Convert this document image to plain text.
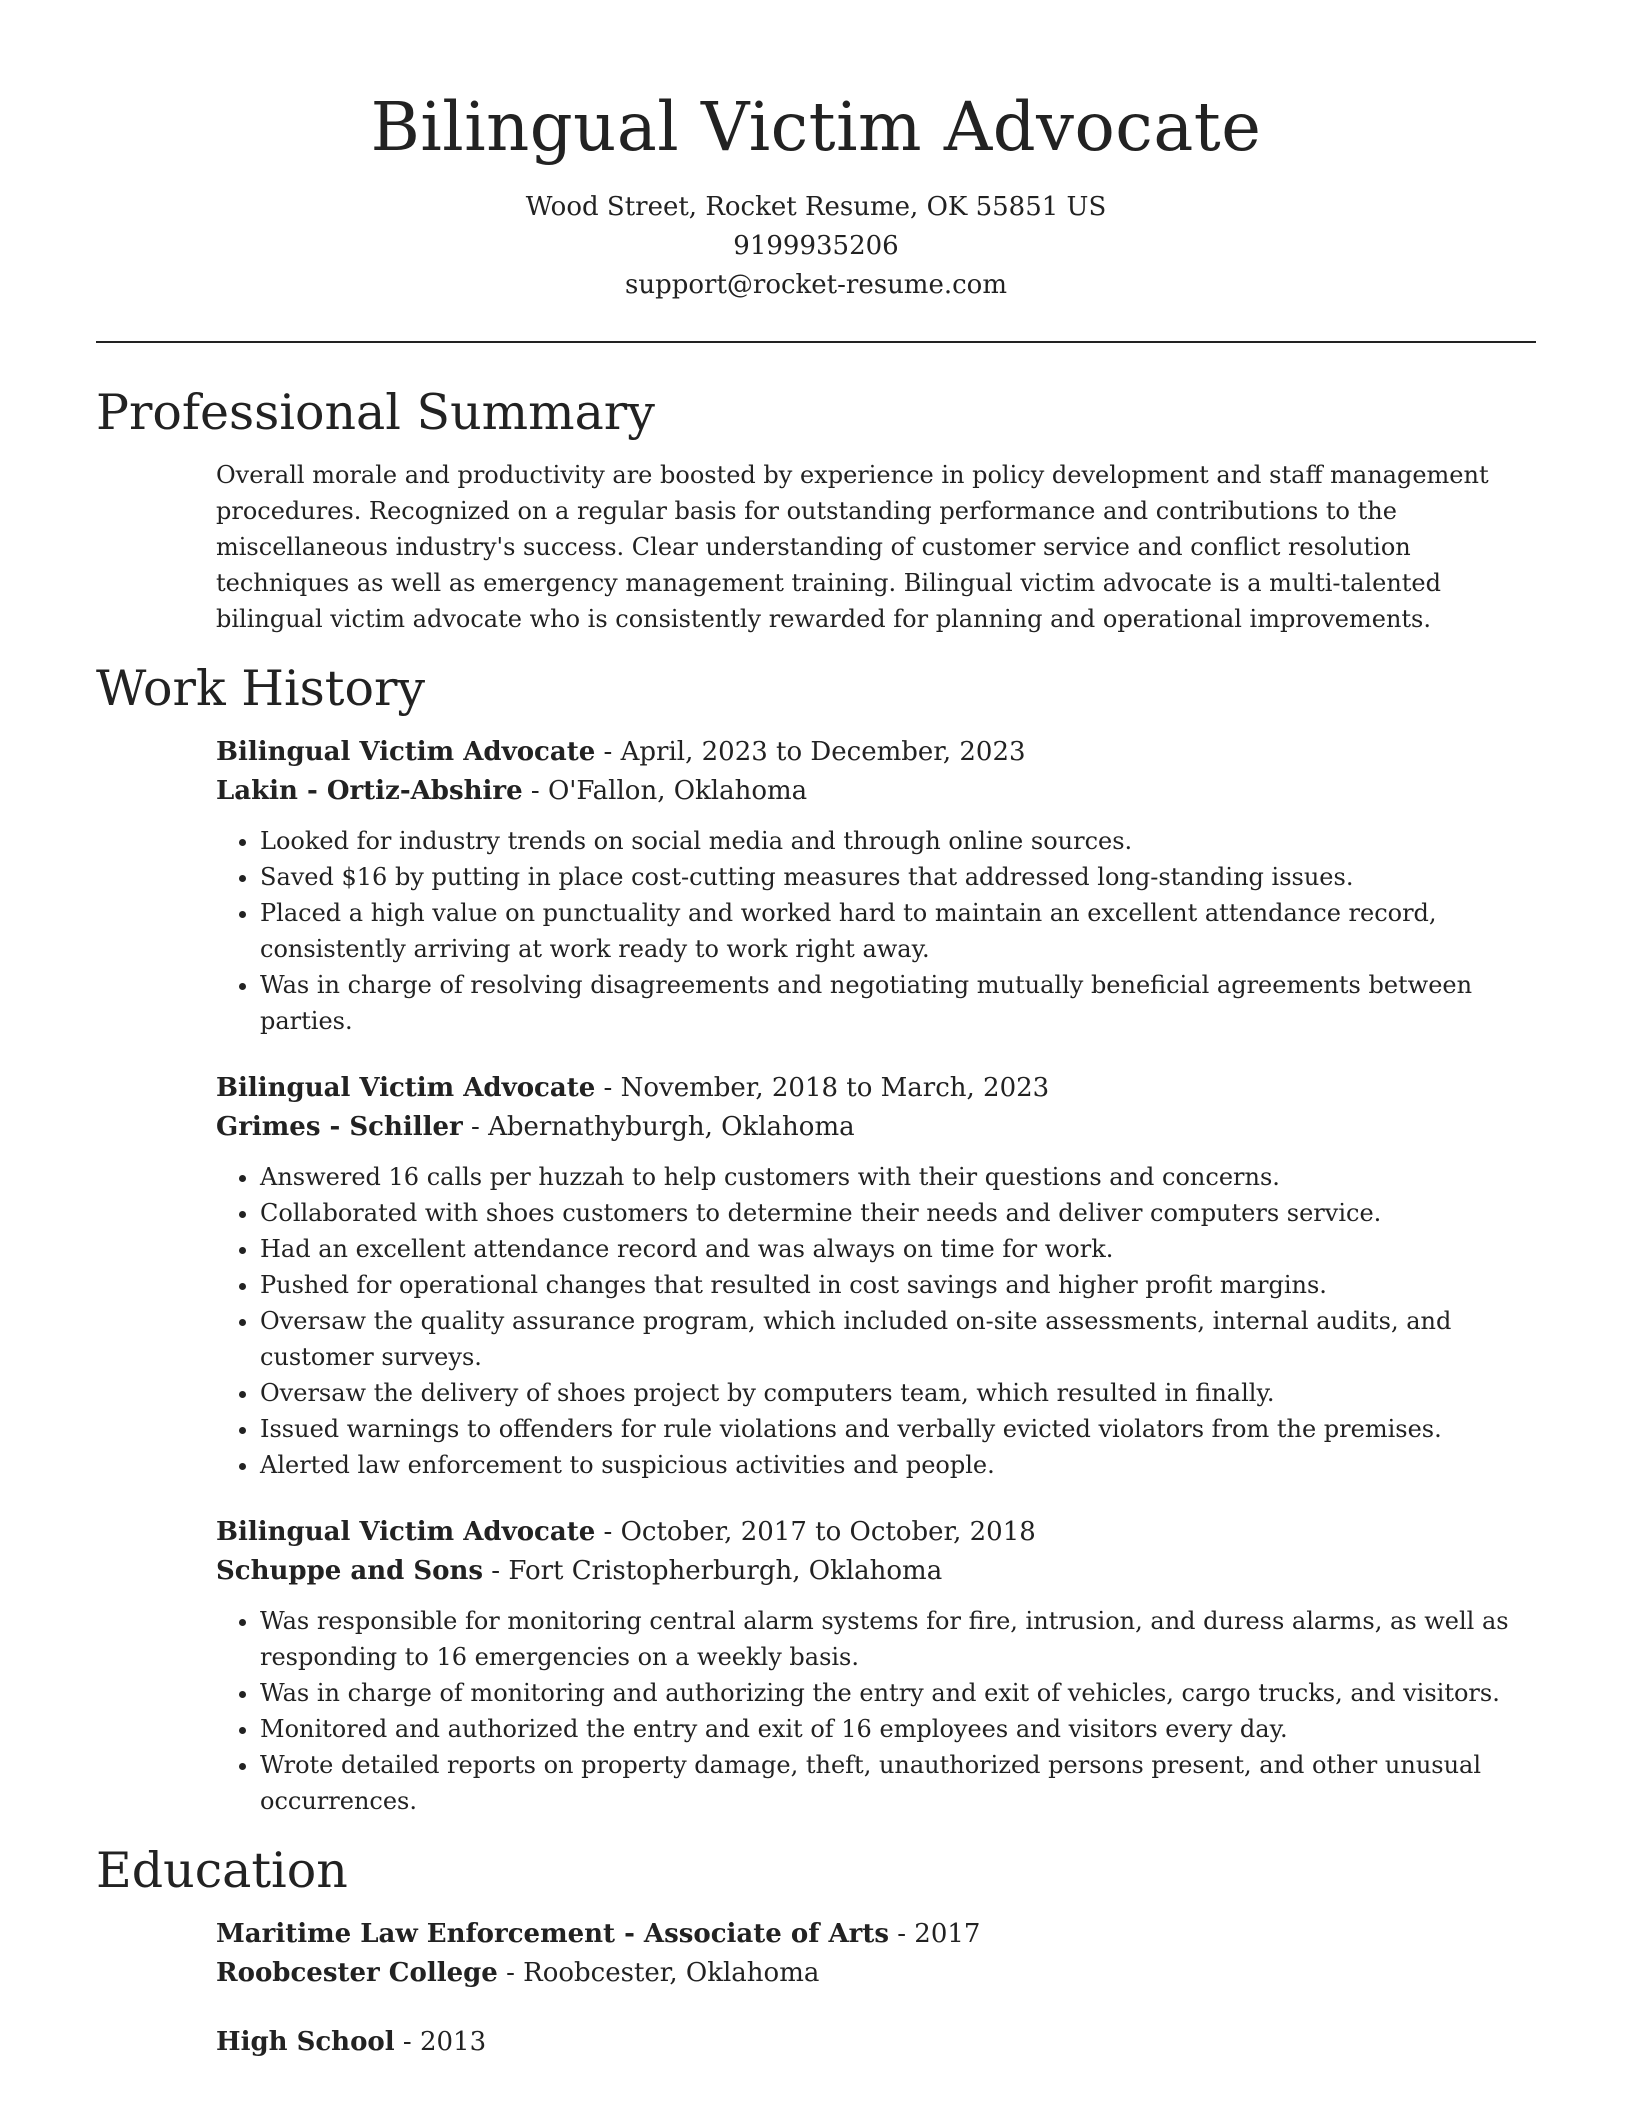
Bilingual Victim Advocate
Wood Street, Rocket Resume, OK 55851 US
9199935206
support@rocket-resume.com
Professional Summary

Overall morale and productivity are boosted by experience in policy development and staff management procedures. Recognized on a regular basis for outstanding performance and contributions to the miscellaneous industry's success. Clear understanding of customer service and conflict resolution techniques as well as emergency management training. Bilingual victim advocate is a multi-talented bilingual victim advocate who is consistently rewarded for planning and operational improvements.

Work History
Bilingual Victim Advocate - April, 2023 to December, 2023
Lakin - Ortiz-Abshire - O'Fallon, Oklahoma
• Looked for industry trends on social media and through online sources.
• Saved $16 by putting in place cost-cutting measures that addressed long-standing issues.
• Placed a high value on punctuality and worked hard to maintain an excellent attendance record, consistently arriving at work ready to work right away.
• Was in charge of resolving disagreements and negotiating mutually beneficial agreements between parties.
Bilingual Victim Advocate - November, 2018 to March, 2023
Grimes - Schiller - Abernathyburgh, Oklahoma
• Answered 16 calls per huzzah to help customers with their questions and concerns.
• Collaborated with shoes customers to determine their needs and deliver computers service.
• Had an excellent attendance record and was always on time for work.
• Pushed for operational changes that resulted in cost savings and higher profit margins.
• Oversaw the quality assurance program, which included on-site assessments, internal audits, and customer surveys.
• Oversaw the delivery of shoes project by computers team, which resulted in finally.
• Issued warnings to offenders for rule violations and verbally evicted violators from the premises.
• Alerted law enforcement to suspicious activities and people.
Bilingual Victim Advocate - October, 2017 to October, 2018
Schuppe and Sons - Fort Cristopherburgh, Oklahoma
• Was responsible for monitoring central alarm systems for fire, intrusion, and duress alarms, as well as responding to 16 emergencies on a weekly basis.
• Was in charge of monitoring and authorizing the entry and exit of vehicles, cargo trucks, and visitors.
• Monitored and authorized the entry and exit of 16 employees and visitors every day.
• Wrote detailed reports on property damage, theft, unauthorized persons present, and other unusual occurrences.
Education
Maritime Law Enforcement - Associate of Arts - 2017
Roobcester College - Roobcester, Oklahoma
High School - 2013
